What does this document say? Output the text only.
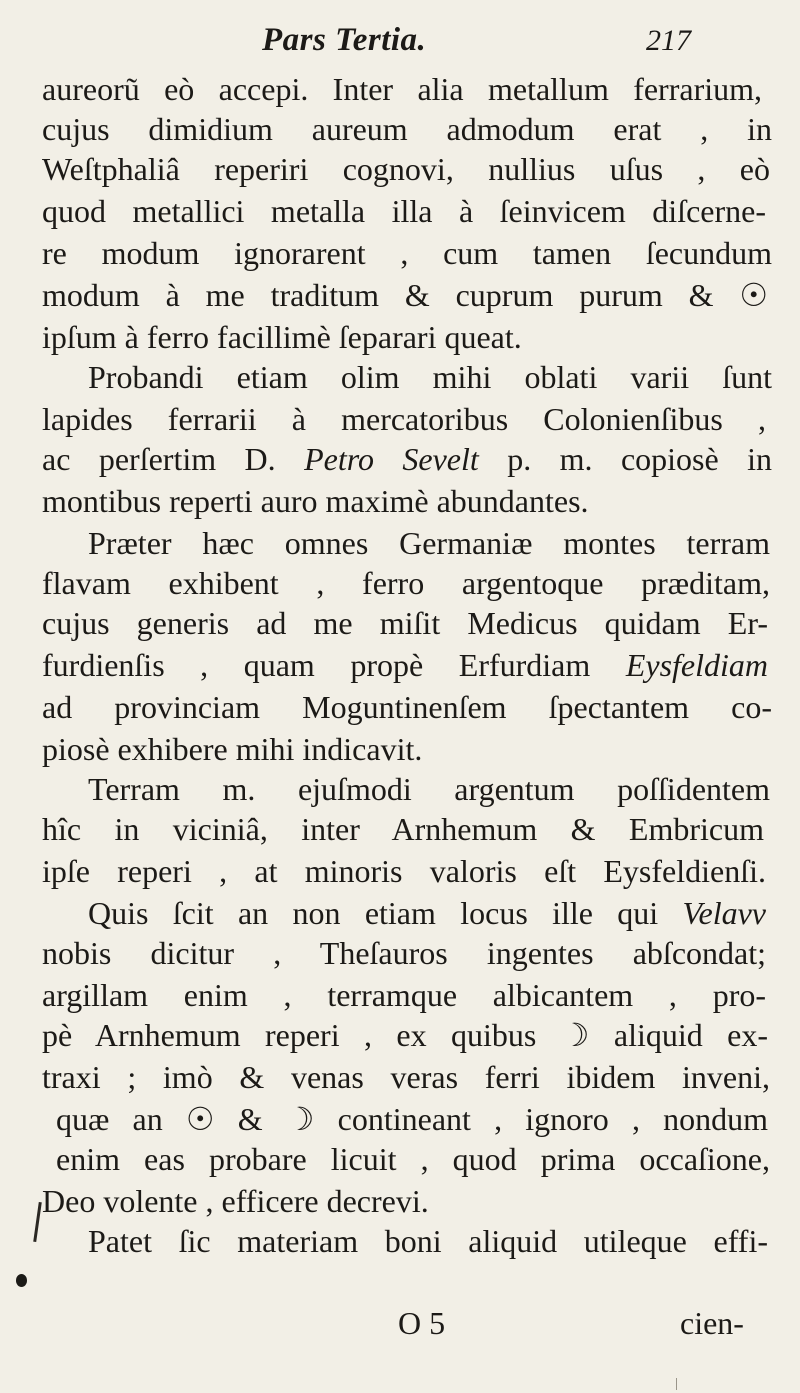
Pars Tertia.	217
aureorũ eò accepi. Inter alia metallum ferrarium,
cujus dimidium aureum admodum erat , in
Weſtphaliâ reperiri cognovi, nullius uſus , eò
quod metallici metalla illa à ſeinvicem diſcerne-
re modum ignorarent , cum tamen ſecundum
modum à me traditum & cuprum purum & ☉
ipſum à ferro facillimè ſeparari queat.
Probandi etiam olim mihi oblati varii ſunt
lapides ferrarii à mercatoribus Colonienſibus ,
ac perſertim D. Petro Sevelt p. m. copiosè in
montibus reperti auro maximè abundantes.
Præter hæc omnes Germaniæ montes terram
flavam exhibent , ferro argentoque præditam,
cujus generis ad me miſit Medicus quidam Er-
furdienſis , quam propè Erfurdiam Eysfeldiam
ad provinciam Moguntinenſem ſpectantem co-
piosè exhibere mihi indicavit.
Terram m. ejuſmodi argentum poſſidentem
hîc in viciniâ, inter Arnhemum & Embricum
ipſe reperi , at minoris valoris eſt Eysfeldienſi.
Quis ſcit an non etiam locus ille qui Velavv
nobis dicitur , Theſauros ingentes abſcondat;
argillam enim , terramque albicantem , pro-
pè Arnhemum reperi , ex quibus ☽ aliquid ex-
traxi ; imò & venas veras ferri ibidem inveni,
quæ an ☉ & ☽ contineant , ignoro , nondum
enim eas probare licuit , quod prima occaſione,
Deo volente , efficere decrevi.
Patet ſic materiam boni aliquid utileque effi-
O 5	cien-
